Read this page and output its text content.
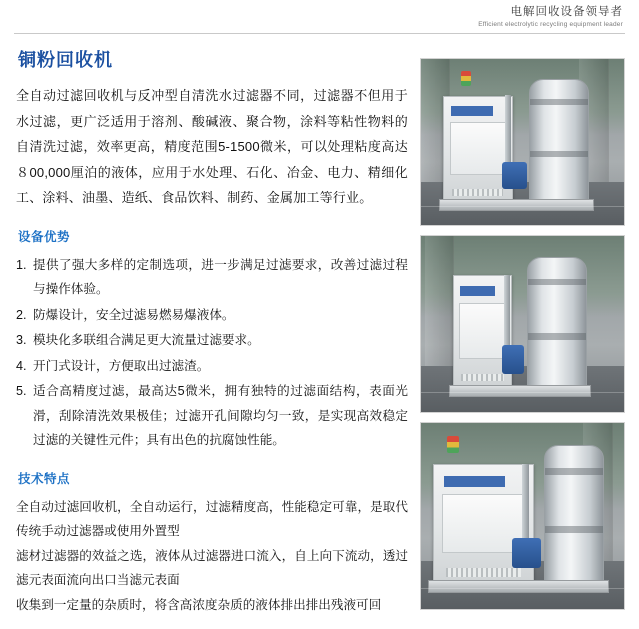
电解回收设备领导者
Efficient electrolytic recycling equipment leader
铜粉回收机

全自动过滤回收机与反冲型自清洗水过滤器不同，过滤器不但用于水过滤，更广泛适用于溶剂、酸碱液、聚合物，涂料等粘性物料的自清洗过滤，效率更高，精度范围5-1500微米，可以处理粘度高达８00,000厘泊的液体，应用于水处理、石化、冶金、电力、精细化工、涂料、油墨、造纸、食品饮料、制药、金属加工等行业。

设备优势
提供了强大多样的定制选项，进一步满足过滤要求，改善过滤过程与操作体验。
防爆设计，安全过滤易燃易爆液体。
模块化多联组合满足更大流量过滤要求。
开门式设计，方便取出过滤渣。
适合高精度过滤，最高达5微米，拥有独特的过滤面结构，表面光滑，刮除清洗效果极佳；过滤开孔间隙均匀一致，是实现高效稳定过滤的关键性元件；具有出色的抗腐蚀性能。
技术特点
全自动过滤回收机，全自动运行，过滤精度高，性能稳定可靠，是取代传统手动过滤器或使用外置型
滤材过滤器的效益之选，液体从过滤器进口流入，自上向下流动，透过滤元表面流向出口当滤元表面
收集到一定量的杂质时，将含高浓度杂质的液体排出排出残液可回
